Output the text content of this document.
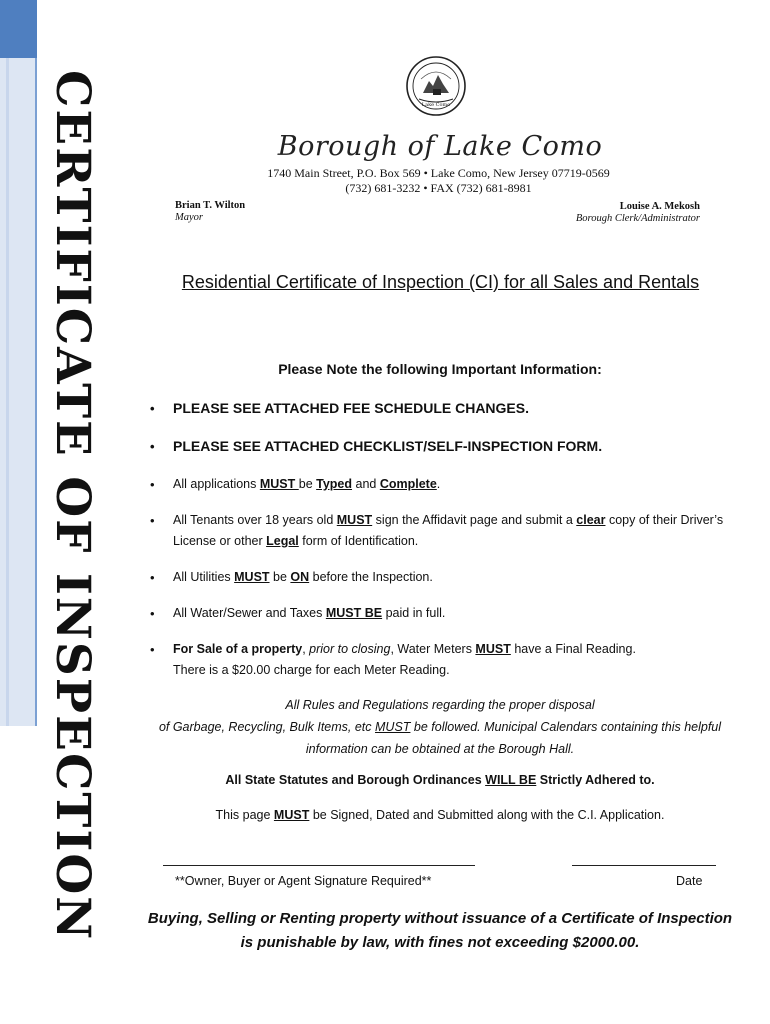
CERTIFICATE OF INSPECTION	Lake Como
Borough of Lake Como
1740 Main Street, P.O. Box 569 • Lake Como, New Jersey 07719-0569
(732) 681-3232 • FAX (732) 681-8981
Brian T. Wilton
Mayor
Louise A. Mekosh
Borough Clerk/Administrator
Residential Certificate of Inspection (CI) for all Sales and Rentals
Please Note the following Important Information:
• PLEASE SEE ATTACHED FEE SCHEDULE CHANGES.
• PLEASE SEE ATTACHED CHECKLIST/SELF-INSPECTION FORM.
• All applications MUST be Typed and Complete.
• All Tenants over 18 years old MUST sign the Affidavit page and submit a clear copy of their Driver’s License or other Legal form of Identification.
• All Utilities MUST be ON before the Inspection.
• All Water/Sewer and Taxes MUST BE paid in full.
• For Sale of a property, prior to closing, Water Meters MUST have a Final Reading.
There is a $20.00 charge for each Meter Reading.
All Rules and Regulations regarding the proper disposal
of Garbage, Recycling, Bulk Items, etc MUST be followed. Municipal Calendars containing this helpful
information can be obtained at the Borough Hall.
All State Statutes and Borough Ordinances WILL BE Strictly Adhered to.
This page MUST be Signed, Dated and Submitted along with the C.I. Application.
**Owner, Buyer or Agent Signature Required**	Date
Buying, Selling or Renting property without issuance of a Certificate of Inspection
is punishable by law, with fines not exceeding $2000.00.
